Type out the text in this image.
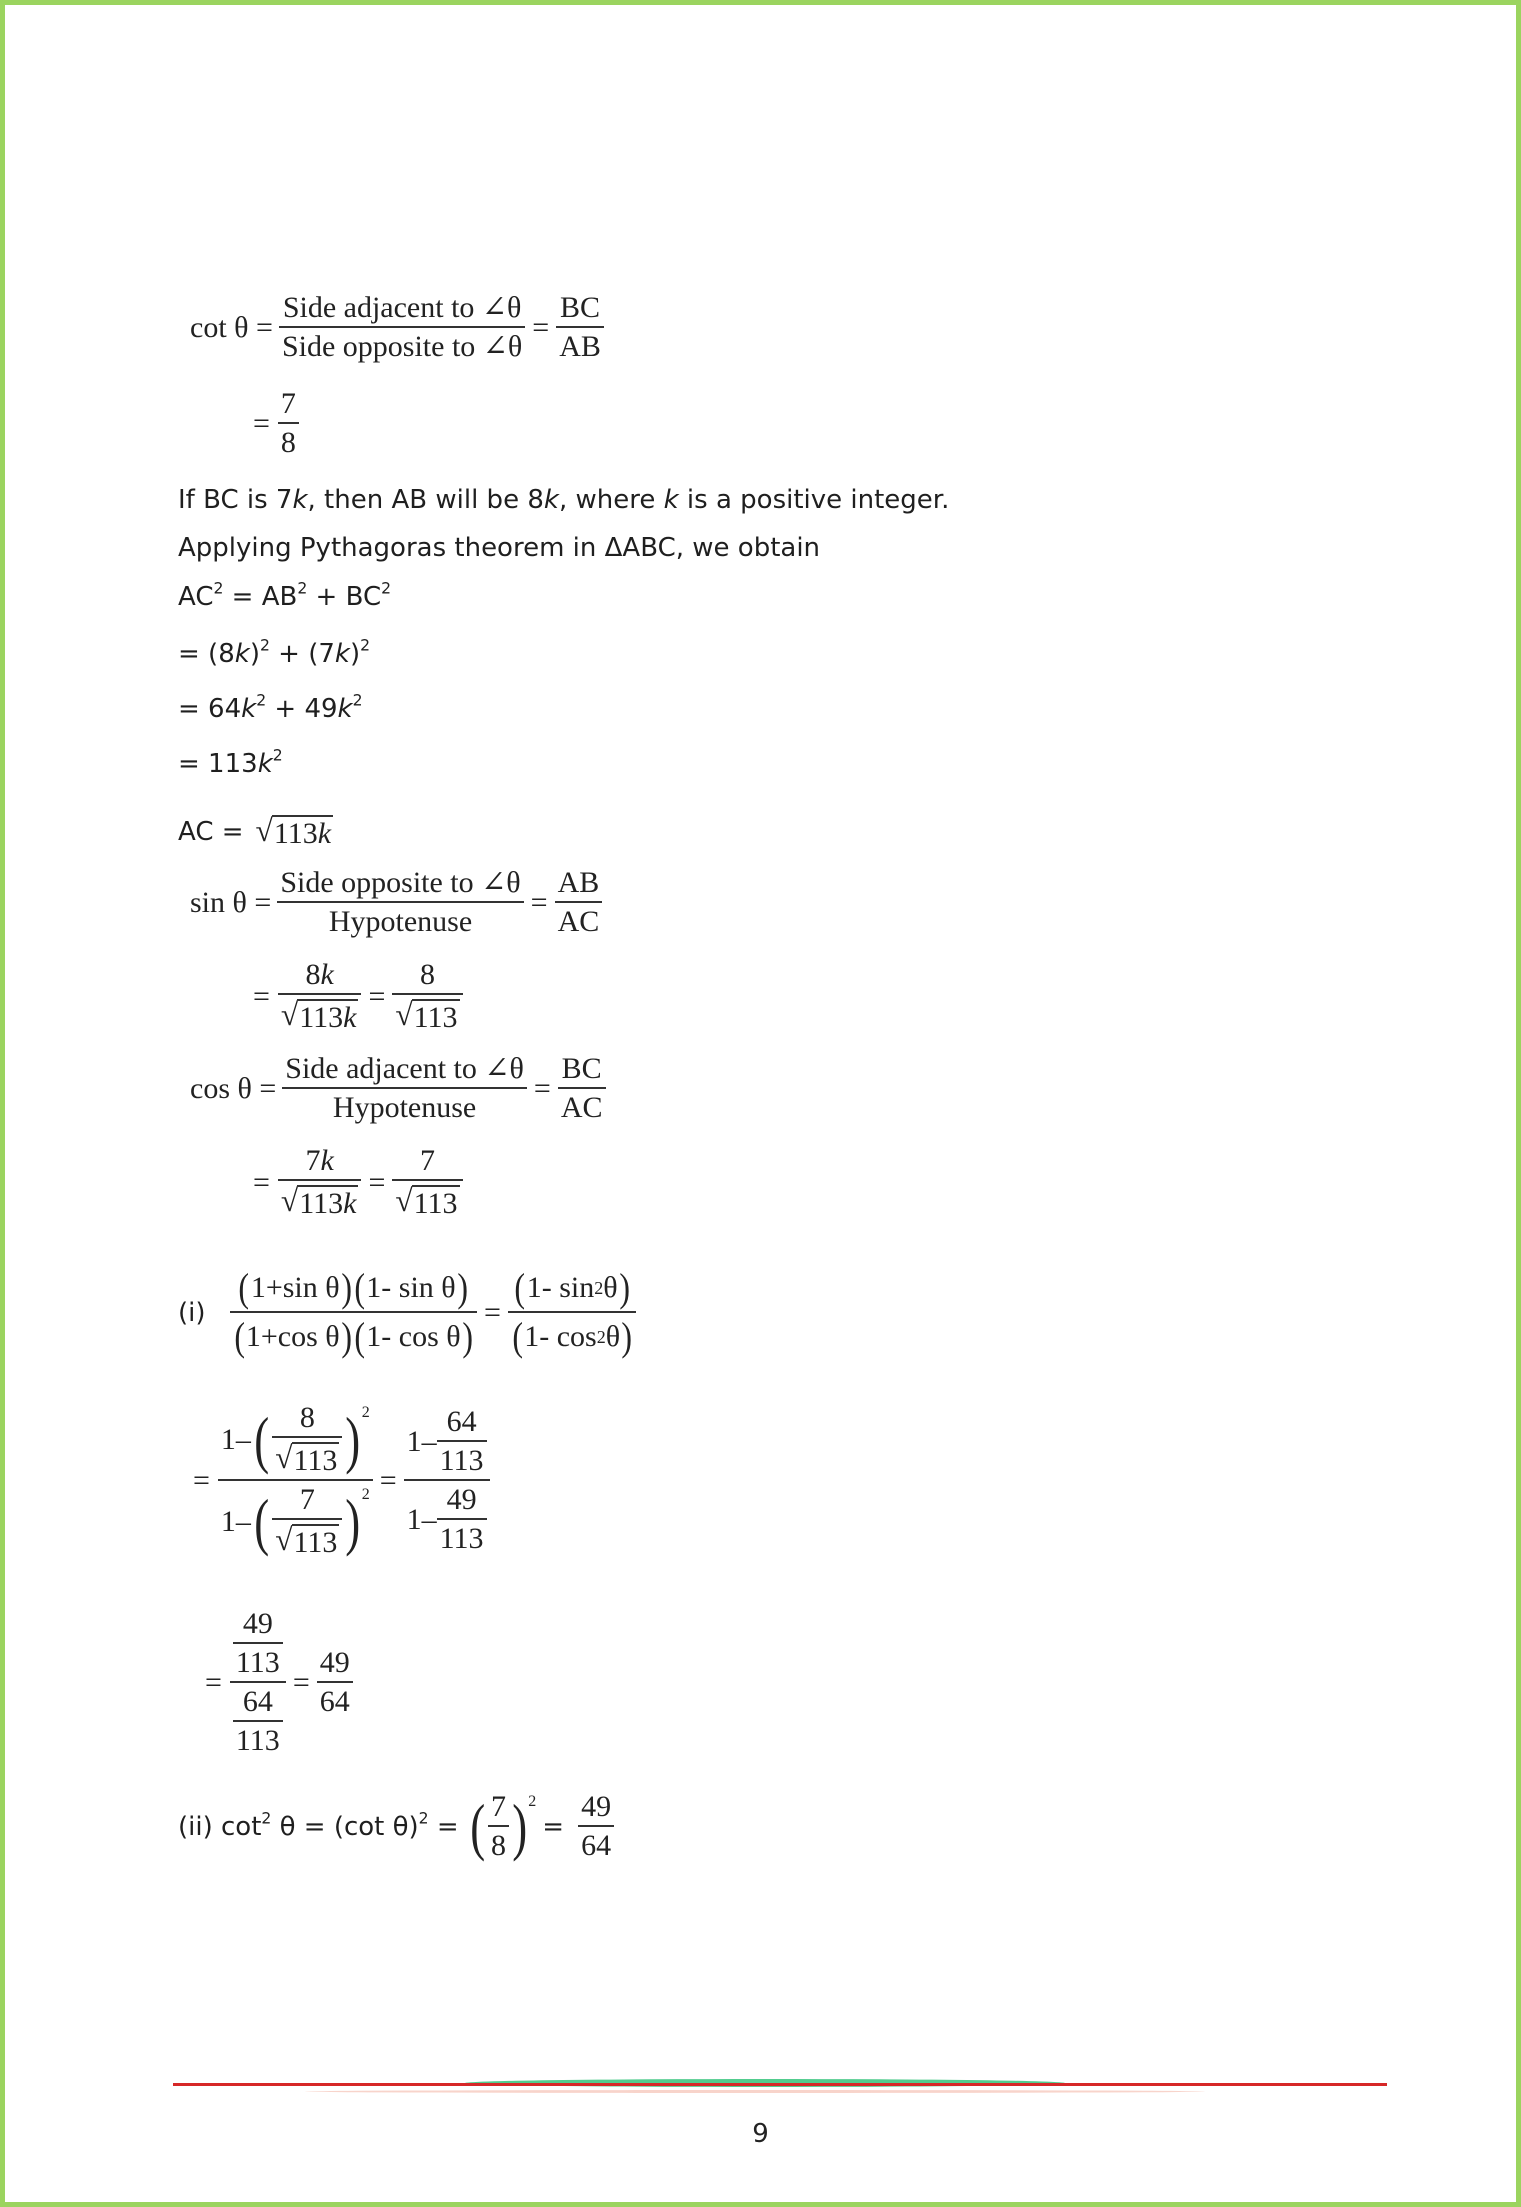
$\cot \theta = \frac{\text{Side adjacent to ∠θ}}{\text{Side opposite to ∠θ}} = \frac{BC}{AB}$
= $\frac{7}{8}$
If BC is 7k, then AB will be 8k, where k is a positive integer.
Applying Pythagoras theorem in ΔABC, we obtain
$AC^2 = AB^2 + BC^2$
= $(8k)^2 + (7k)^2$
= $64k^2 + 49k^2$
= $113k^2$
AC = √ 113k
$\sin \theta = \frac{\text{Side opposite to ∠θ}}{\text{Hypotenuse}} = \frac{AB}{AC}$
= $\frac{8 k}{√ 113k} = \frac{8}{√ 113}$
$\cos \theta = \frac{\text{Side adjacent to ∠θ}}{\text{Hypotenuse}} = \frac{BC}{AC}$
= $\frac{7 k}{√ 113k} = \frac{7}{√ 113}$
$(i) \frac{\text{( 1+sin θ ) ( 1- sin θ )}}{\text{( 1+cos θ ) ( 1- cos θ )}} = \frac{( 1- \sin 2 \theta )}{( 1- \cos 2 \theta )}$
=
1 – ( $\frac{8}{√ 113}$ ) 2
1 – ( $\frac{7}{√ 113}$ ) $2 = \frac{1 - \frac{64}{113}}{1 - \frac{49}{113}}$
= $\frac{\frac{49}{113}}{\frac{64}{113}} = \frac{49}{64}$
(ii) $\cot^2 \theta = (\cot$ θ)$^2$ = ( $\frac{7}{8}$ ) 2
= $\frac{49}{64}$
9
